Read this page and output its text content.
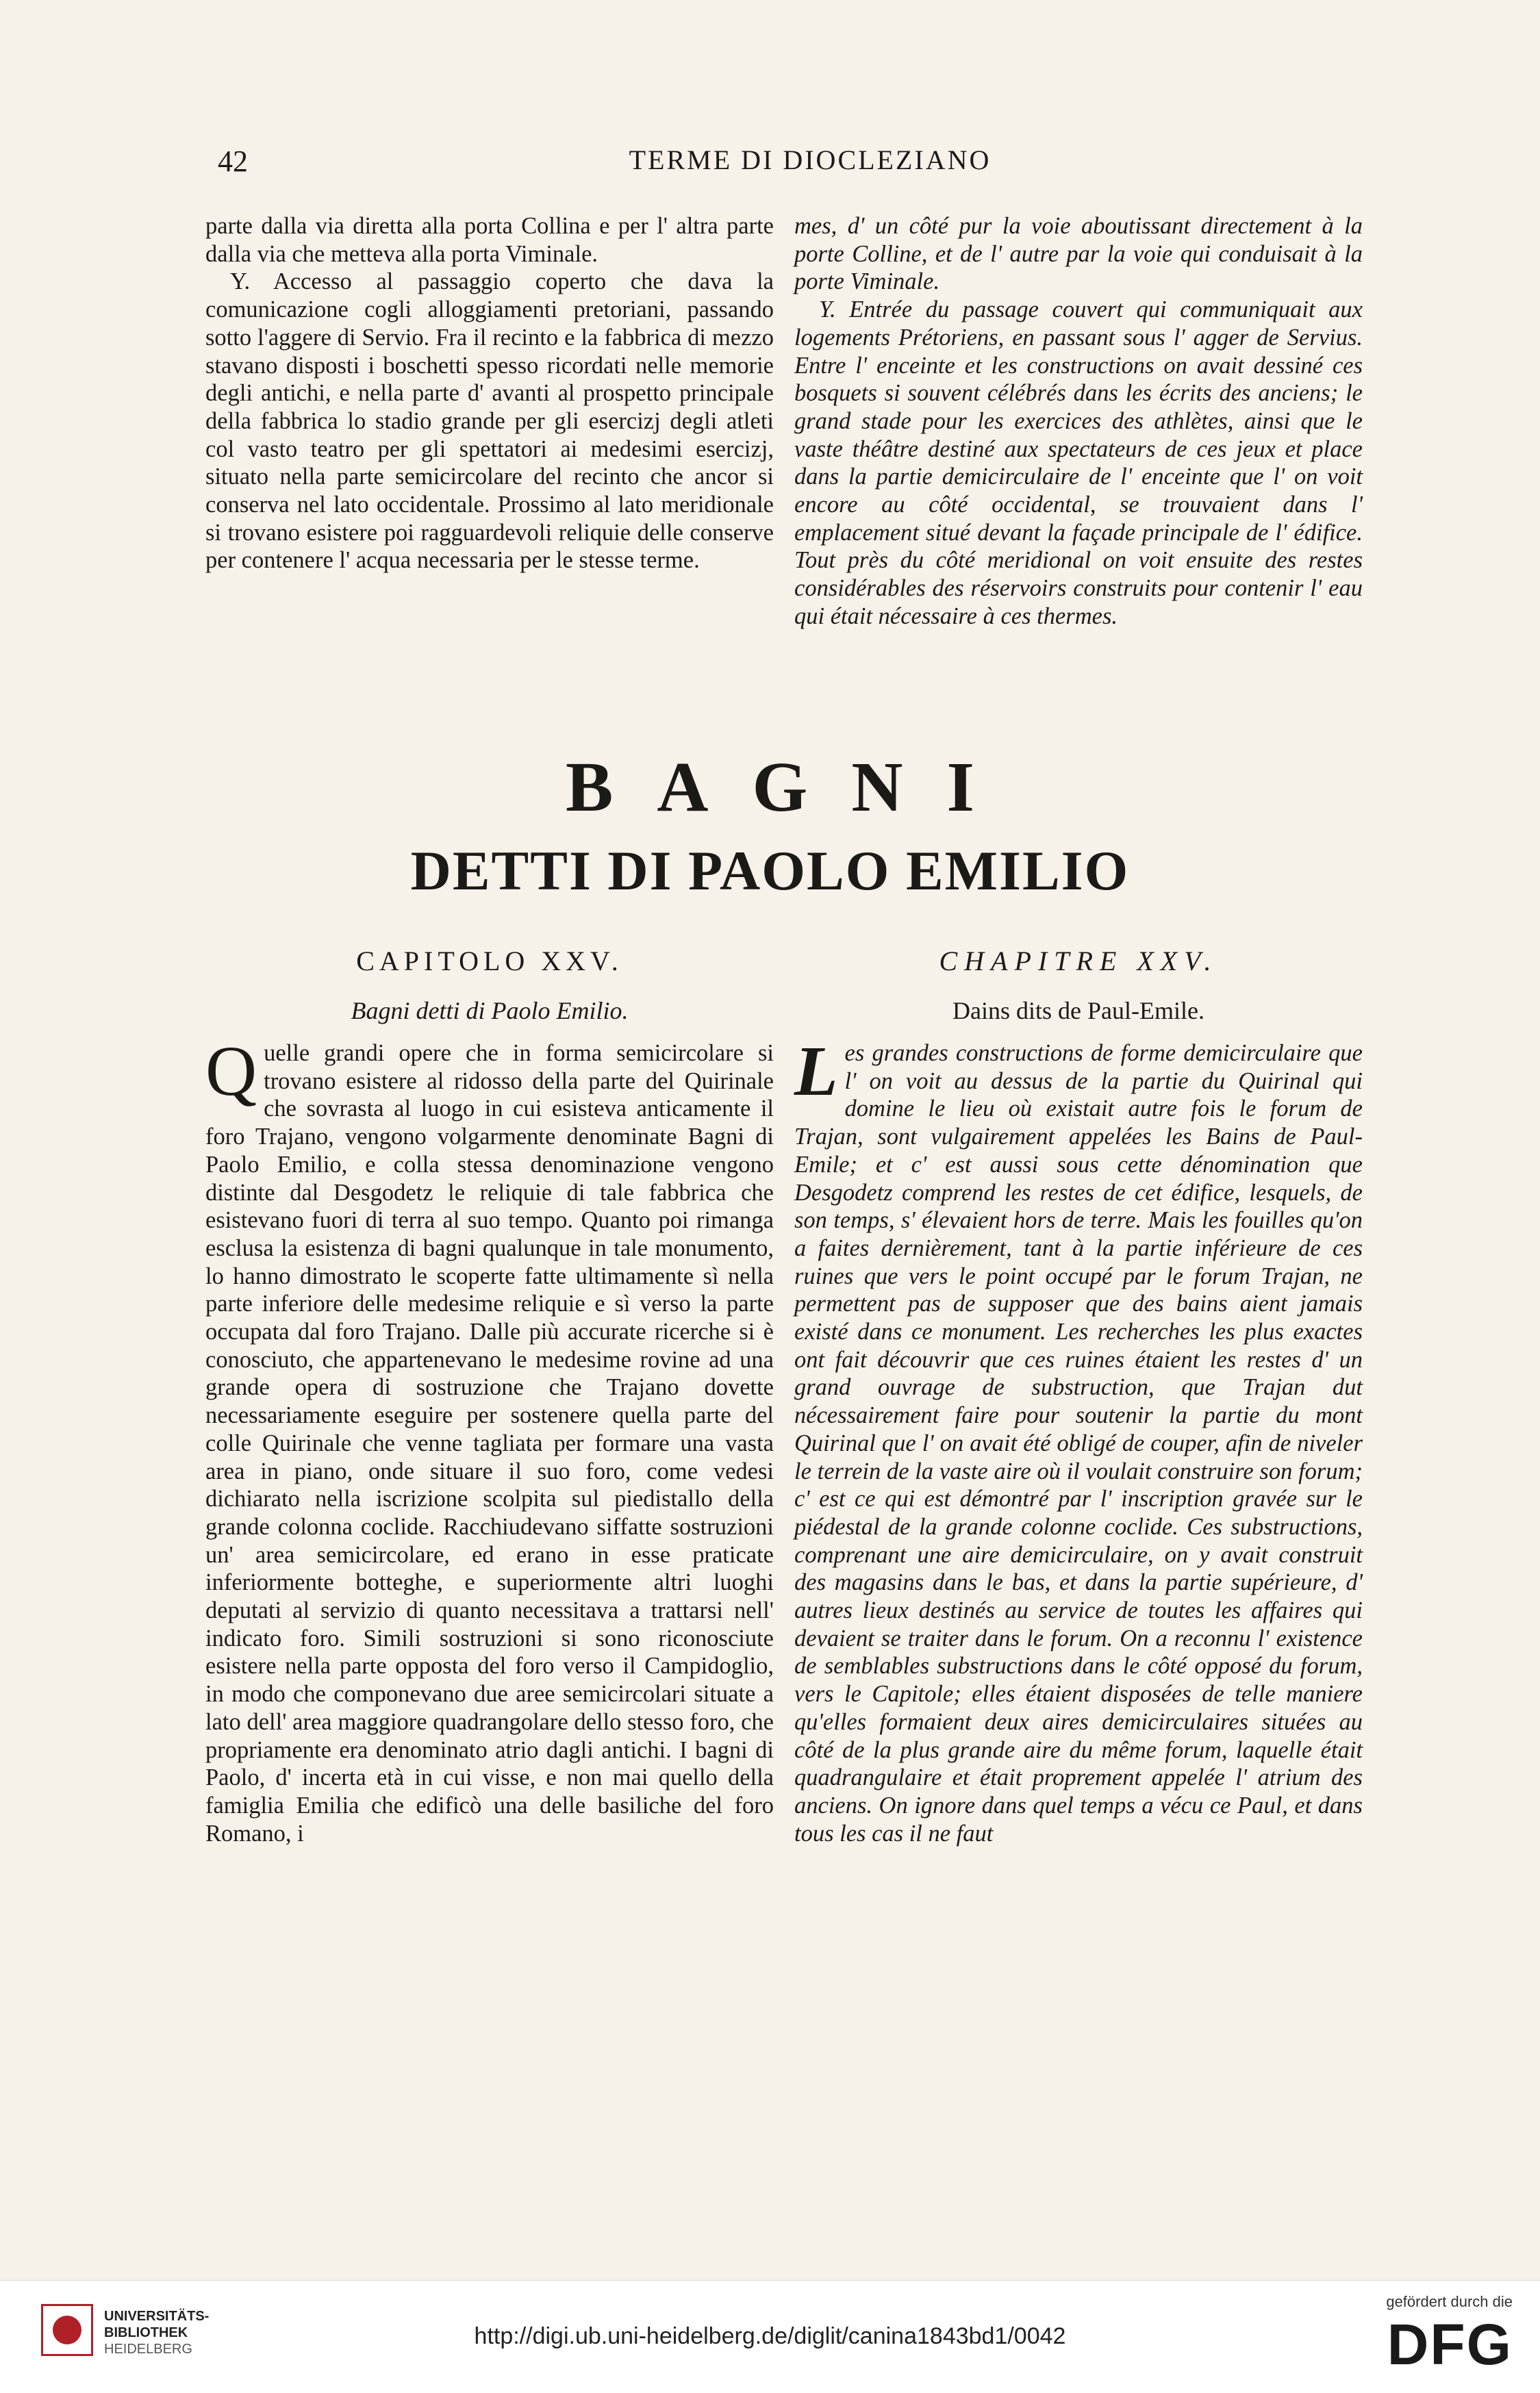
42	TERME DI DIOCLEZIANO

parte dalla via diretta alla porta Collina e per l' altra parte dalla via che metteva alla porta Viminale.

Y. Accesso al passaggio coperto che dava la comunicazione cogli alloggiamenti pretoriani, passando sotto l'aggere di Servio. Fra il recinto e la fabbrica di mezzo stavano disposti i boschetti spesso ricordati nelle memorie degli antichi, e nella parte d' avanti al prospetto principale della fabbrica lo stadio grande per gli esercizj degli atleti col vasto teatro per gli spettatori ai medesimi esercizj, situato nella parte semicircolare del recinto che ancor si conserva nel lato occidentale. Prossimo al lato meridionale si trovano esistere poi ragguardevoli reliquie delle conserve per contenere l' acqua necessaria per le stesse terme.

mes, d' un côté pur la voie aboutissant directement à la porte Colline, et de l' autre par la voie qui conduisait à la porte Viminale.

Y. Entrée du passage couvert qui communiquait aux logements Prétoriens, en passant sous l' agger de Servius. Entre l' enceinte et les constructions on avait dessiné ces bosquets si souvent célébrés dans les écrits des anciens; le grand stade pour les exercices des athlètes, ainsi que le vaste théâtre destiné aux spectateurs de ces jeux et place dans la partie demicirculaire de l' enceinte que l' on voit encore au côté occidental, se trouvaient dans l' emplacement situé devant la façade principale de l' édifice. Tout près du côté meridional on voit ensuite des restes considérables des réservoirs construits pour contenir l' eau qui était nécessaire à ces thermes.

BAGNI
DETTI DI PAOLO EMILIO
CAPITOLO XXV.	CHAPITRE XXV.
Bagni detti di Paolo Emilio.	Dains dits de Paul-Emile.

Quelle grandi opere che in forma semicircolare si trovano esistere al ridosso della parte del Quirinale che sovrasta al luogo in cui esisteva anticamente il foro Trajano, vengono volgarmente denominate Bagni di Paolo Emilio, e colla stessa denominazione vengono distinte dal Desgodetz le reliquie di tale fabbrica che esistevano fuori di terra al suo tempo. Quanto poi rimanga esclusa la esistenza di bagni qualunque in tale monumento, lo hanno dimostrato le scoperte fatte ultimamente sì nella parte inferiore delle medesime reliquie e sì verso la parte occupata dal foro Trajano. Dalle più accurate ricerche si è conosciuto, che appartenevano le medesime rovine ad una grande opera di sostruzione che Trajano dovette necessariamente eseguire per sostenere quella parte del colle Quirinale che venne tagliata per formare una vasta area in piano, onde situare il suo foro, come vedesi dichiarato nella iscrizione scolpita sul piedistallo della grande colonna coclide. Racchiudevano siffatte sostruzioni un' area semicircolare, ed erano in esse praticate inferiormente botteghe, e superiormente altri luoghi deputati al servizio di quanto necessitava a trattarsi nell' indicato foro. Simili sostruzioni si sono riconosciute esistere nella parte opposta del foro verso il Campidoglio, in modo che componevano due aree semicircolari situate a lato dell' area maggiore quadrangolare dello stesso foro, che propriamente era denominato atrio dagli antichi. I bagni di Paolo, d' incerta età in cui visse, e non mai quello della famiglia Emilia che edificò una delle basiliche del foro Romano, i

Les grandes constructions de forme demicirculaire que l' on voit au dessus de la partie du Quirinal qui domine le lieu où existait autre fois le forum de Trajan, sont vulgairement appelées les Bains de Paul-Emile; et c' est aussi sous cette dénomination que Desgodetz comprend les restes de cet édifice, lesquels, de son temps, s' élevaient hors de terre. Mais les fouilles qu'on a faites dernièrement, tant à la partie inférieure de ces ruines que vers le point occupé par le forum Trajan, ne permettent pas de supposer que des bains aient jamais existé dans ce monument. Les recherches les plus exactes ont fait découvrir que ces ruines étaient les restes d' un grand ouvrage de substruction, que Trajan dut nécessairement faire pour soutenir la partie du mont Quirinal que l' on avait été obligé de couper, afin de niveler le terrein de la vaste aire où il voulait construire son forum; c' est ce qui est démontré par l' inscription gravée sur le piédestal de la grande colonne coclide. Ces substructions, comprenant une aire demicirculaire, on y avait construit des magasins dans le bas, et dans la partie supérieure, d' autres lieux destinés au service de toutes les affaires qui devaient se traiter dans le forum. On a reconnu l' existence de semblables substructions dans le côté opposé du forum, vers le Capitole; elles étaient disposées de telle maniere qu'elles formaient deux aires demicirculaires situées au côté de la plus grande aire du même forum, laquelle était quadrangulaire et était proprement appelée l' atrium des anciens. On ignore dans quel temps a vécu ce Paul, et dans tous les cas il ne faut

UNIVERSITÄTS-
BIBLIOTHEK
HEIDELBERG	http://digi.ub.uni-heidelberg.de/diglit/canina1843bd1/0042
gefördert durch die
DFG
